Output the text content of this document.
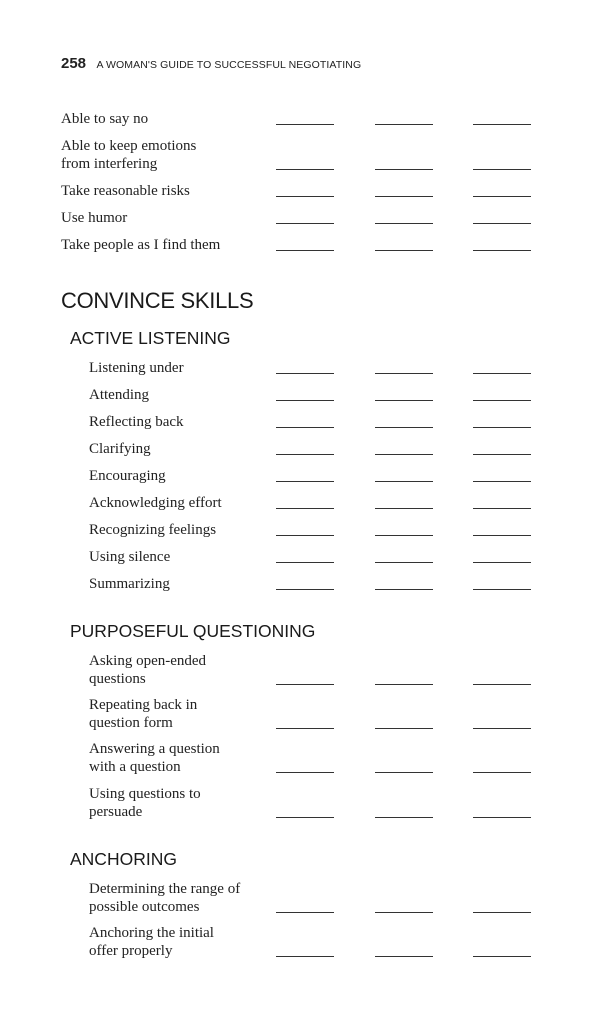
258 A WOMAN'S GUIDE TO SUCCESSFUL NEGOTIATING
CONVINCE SKILLS
ACTIVE LISTENING
PURPOSEFUL QUESTIONING
ANCHORING
Able to say no
Able to keep emotions
from interfering
Take reasonable risks
Use humor
Take people as I find them
Listening under
Attending
Reflecting back
Clarifying
Encouraging
Acknowledging effort
Recognizing feelings
Using silence
Summarizing
Asking open-ended
questions
Repeating back in
question form
Answering a question
with a question
Using questions to
persuade
Determining the range of
possible outcomes
Anchoring the initial
offer properly
